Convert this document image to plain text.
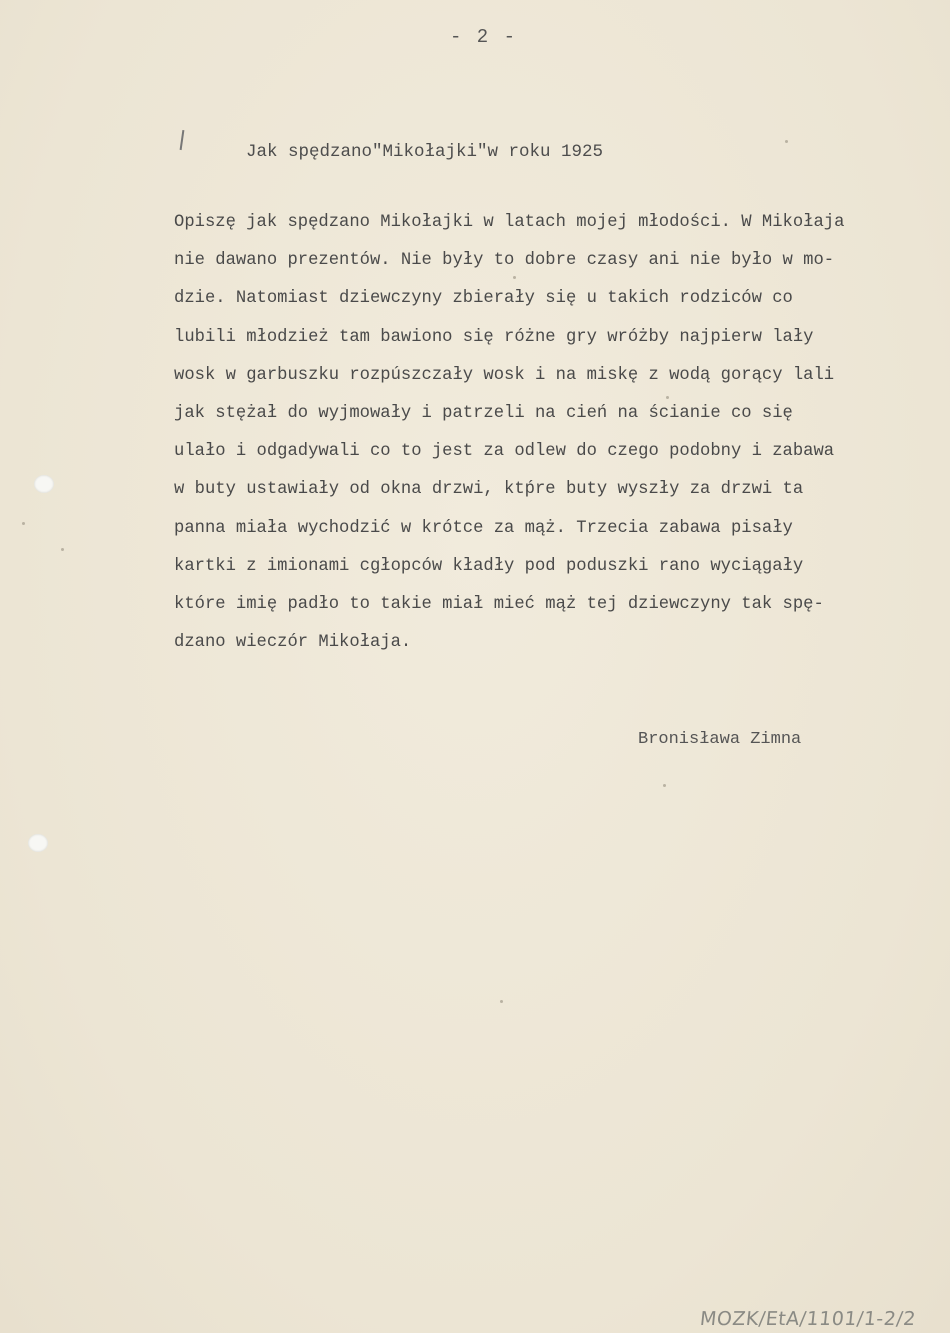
- 2 -
Jak spędzano"Mikołajki"w roku 1925
Opiszę jak spędzano Mikołajki w latach mojej młodości. W Mikołaja
nie dawano prezentów. Nie były to dobre czasy ani nie było w mo-
dzie. Natomiast dziewczyny zbierały się u takich rodziców co
lubili młodzież tam bawiono się różne gry wróżby najpierw lały
wosk w garbuszku rozpúszczały wosk i na miskę z wodą gorący lali
jak stężał do wyjmowały i patrzeli na cień na ścianie co się
ulało i odgadywali co to jest za odlew do czego podobny i zabawa
w buty ustawiały od okna drzwi, ktṕre buty wyszły za drzwi ta
panna miała wychodzić w krótce za mąż. Trzecia zabawa pisały
kartki z imionami cgłopców kładły pod poduszki rano wyciągały
które imię padło to takie miał mieć mąż tej dziewczyny tak spę-
dzano wieczór Mikołaja.
Bronisława Zimna
MOZK/EtA/1101/1-2/2
